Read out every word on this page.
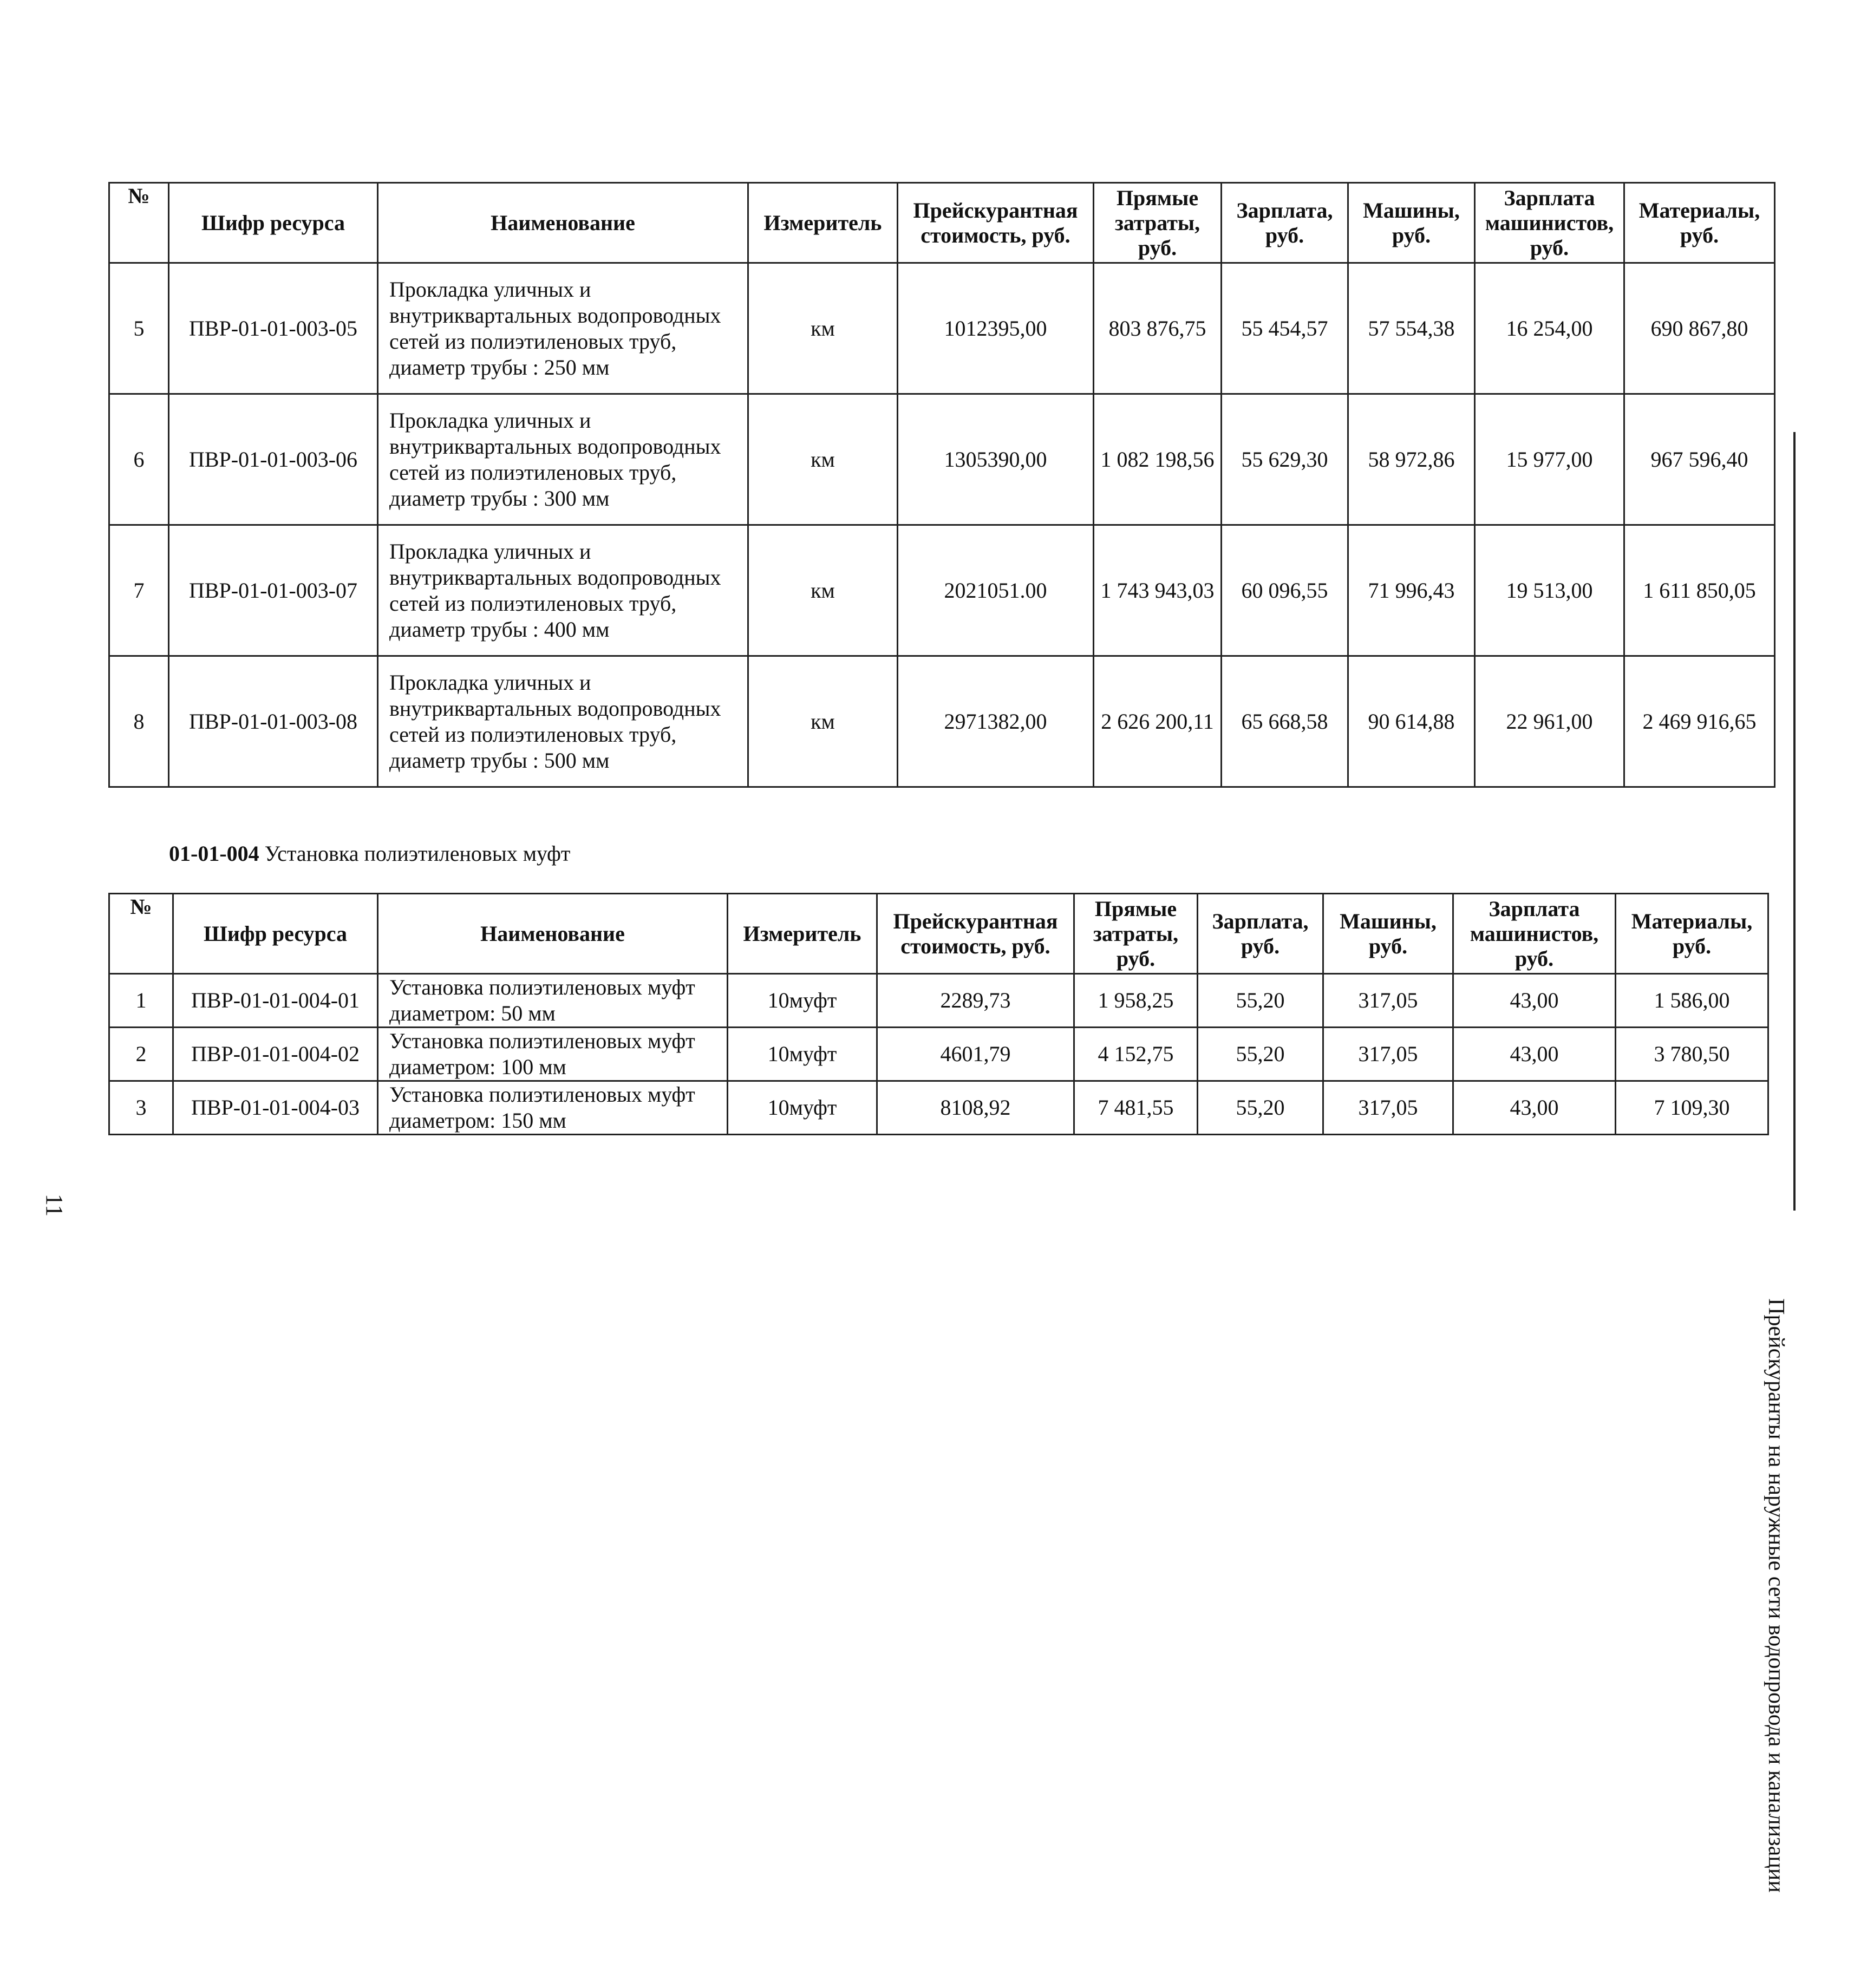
№	Шифр ресурса	Наименование	Измеритель	Прейскурантная стоимость, руб.	Прямые затраты, руб.	Зарплата, руб.	Машины, руб.	Зарплата машинистов, руб.	Материалы, руб.
5	ПВР-01-01-003-05	Прокладка уличных и внутриквартальных водопроводных сетей из полиэтиленовых труб, диаметр трубы : 250 мм	км	1012395,00	803 876,75	55 454,57	57 554,38	16 254,00	690 867,80
6	ПВР-01-01-003-06	Прокладка уличных и внутриквартальных водопроводных сетей из полиэтиленовых труб, диаметр трубы : 300 мм	км	1305390,00	1 082 198,56	55 629,30	58 972,86	15 977,00	967 596,40
7	ПВР-01-01-003-07	Прокладка уличных и внутриквартальных водопроводных сетей из полиэтиленовых труб, диаметр трубы : 400 мм	км	2021051.00	1 743 943,03	60 096,55	71 996,43	19 513,00	1 611 850,05
8	ПВР-01-01-003-08	Прокладка уличных и внутриквартальных водопроводных сетей из полиэтиленовых труб, диаметр трубы : 500 мм	км	2971382,00	2 626 200,11	65 668,58	90 614,88	22 961,00	2 469 916,65
01-01-004 Установка полиэтиленовых муфт
№	Шифр ресурса	Наименование	Измеритель	Прейскурантная стоимость, руб.	Прямые затраты, руб.	Зарплата, руб.	Машины, руб.	Зарплата машинистов, руб.	Материалы, руб.
1	ПВР-01-01-004-01	Установка полиэтиленовых муфт диаметром: 50 мм	10муфт	2289,73	1 958,25	55,20	317,05	43,00	1 586,00
2	ПВР-01-01-004-02	Установка полиэтиленовых муфт диаметром: 100 мм	10муфт	4601,79	4 152,75	55,20	317,05	43,00	3 780,50
3	ПВР-01-01-004-03	Установка полиэтиленовых муфт диаметром: 150 мм	10муфт	8108,92	7 481,55	55,20	317,05	43,00	7 109,30
Прейскуранты на наружные сети водопровода и канализации
11
